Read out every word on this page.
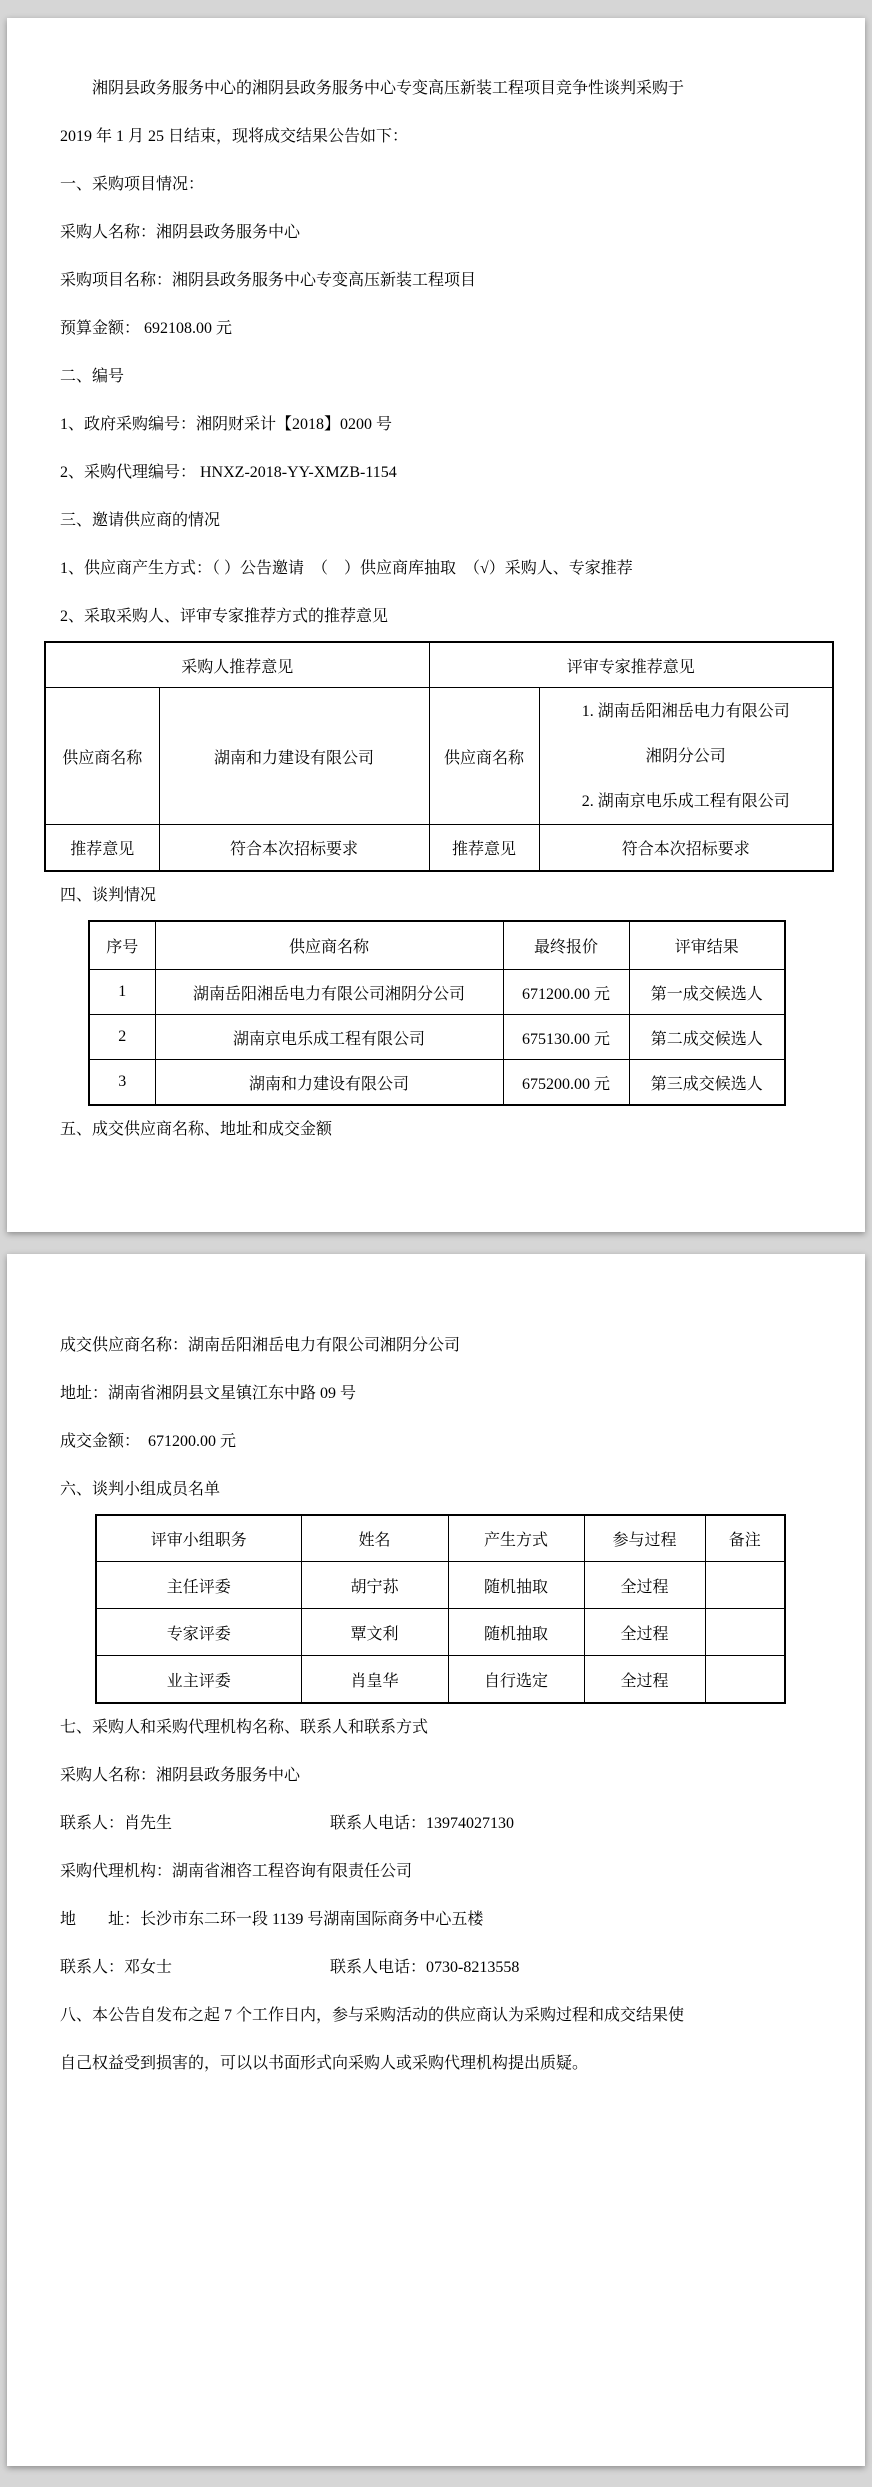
湘阴县政务服务中心的湘阴县政务服务中心专变高压新装工程项目竞争性谈判采购于

2019 年 1 月 25 日结束，现将成交结果公告如下：

一、采购项目情况：

采购人名称：湘阴县政务服务中心

采购项目名称：湘阴县政务服务中心专变高压新装工程项目

预算金额： 692108.00 元

二、编号

1、政府采购编号：湘阴财采计【2018】0200 号

2、采购代理编号： HNXZ-2018-YY-XMZB-1154

三、邀请供应商的情况

1、供应商产生方式：（ ）公告邀请　（　）供应商库抽取　（√）采购人、专家推荐

2、采取采购人、评审专家推荐方式的推荐意见

采购人推荐意见		评审专家推荐意见	
供应商名称	湖南和力建设有限公司	供应商名称	1. 湖南岳阳湘岳电力有限公司
湘阴分公司
2. 湖南京电乐成工程有限公司

推荐意见	符合本次招标要求	推荐意见	符合本次招标要求

四、谈判情况

序号	供应商名称	最终报价	评审结果
1	湖南岳阳湘岳电力有限公司湘阴分公司	671200.00 元	第一成交候选人
2	湖南京电乐成工程有限公司	675130.00 元	第二成交候选人
3	湖南和力建设有限公司	675200.00 元	第三成交候选人

五、成交供应商名称、地址和成交金额

成交供应商名称：湖南岳阳湘岳电力有限公司湘阴分公司

地址：湖南省湘阴县文星镇江东中路 09 号

成交金额：　671200.00 元

六、谈判小组成员名单

评审小组职务	姓名	产生方式	参与过程	备注
主任评委	胡宁荪	随机抽取	全过程	
专家评委	覃文利	随机抽取	全过程	
业主评委	肖皇华	自行选定	全过程	

七、采购人和采购代理机构名称、联系人和联系方式

采购人名称：湘阴县政务服务中心

联系人：肖先生	联系人电话：13974027130

采购代理机构：湖南省湘咨工程咨询有限责任公司

地　　址：长沙市东二环一段 1139 号湖南国际商务中心五楼

联系人：邓女士	联系人电话：0730-8213558

八、本公告自发布之起 7 个工作日内，参与采购活动的供应商认为采购过程和成交结果使

自己权益受到损害的，可以以书面形式向采购人或采购代理机构提出质疑。
